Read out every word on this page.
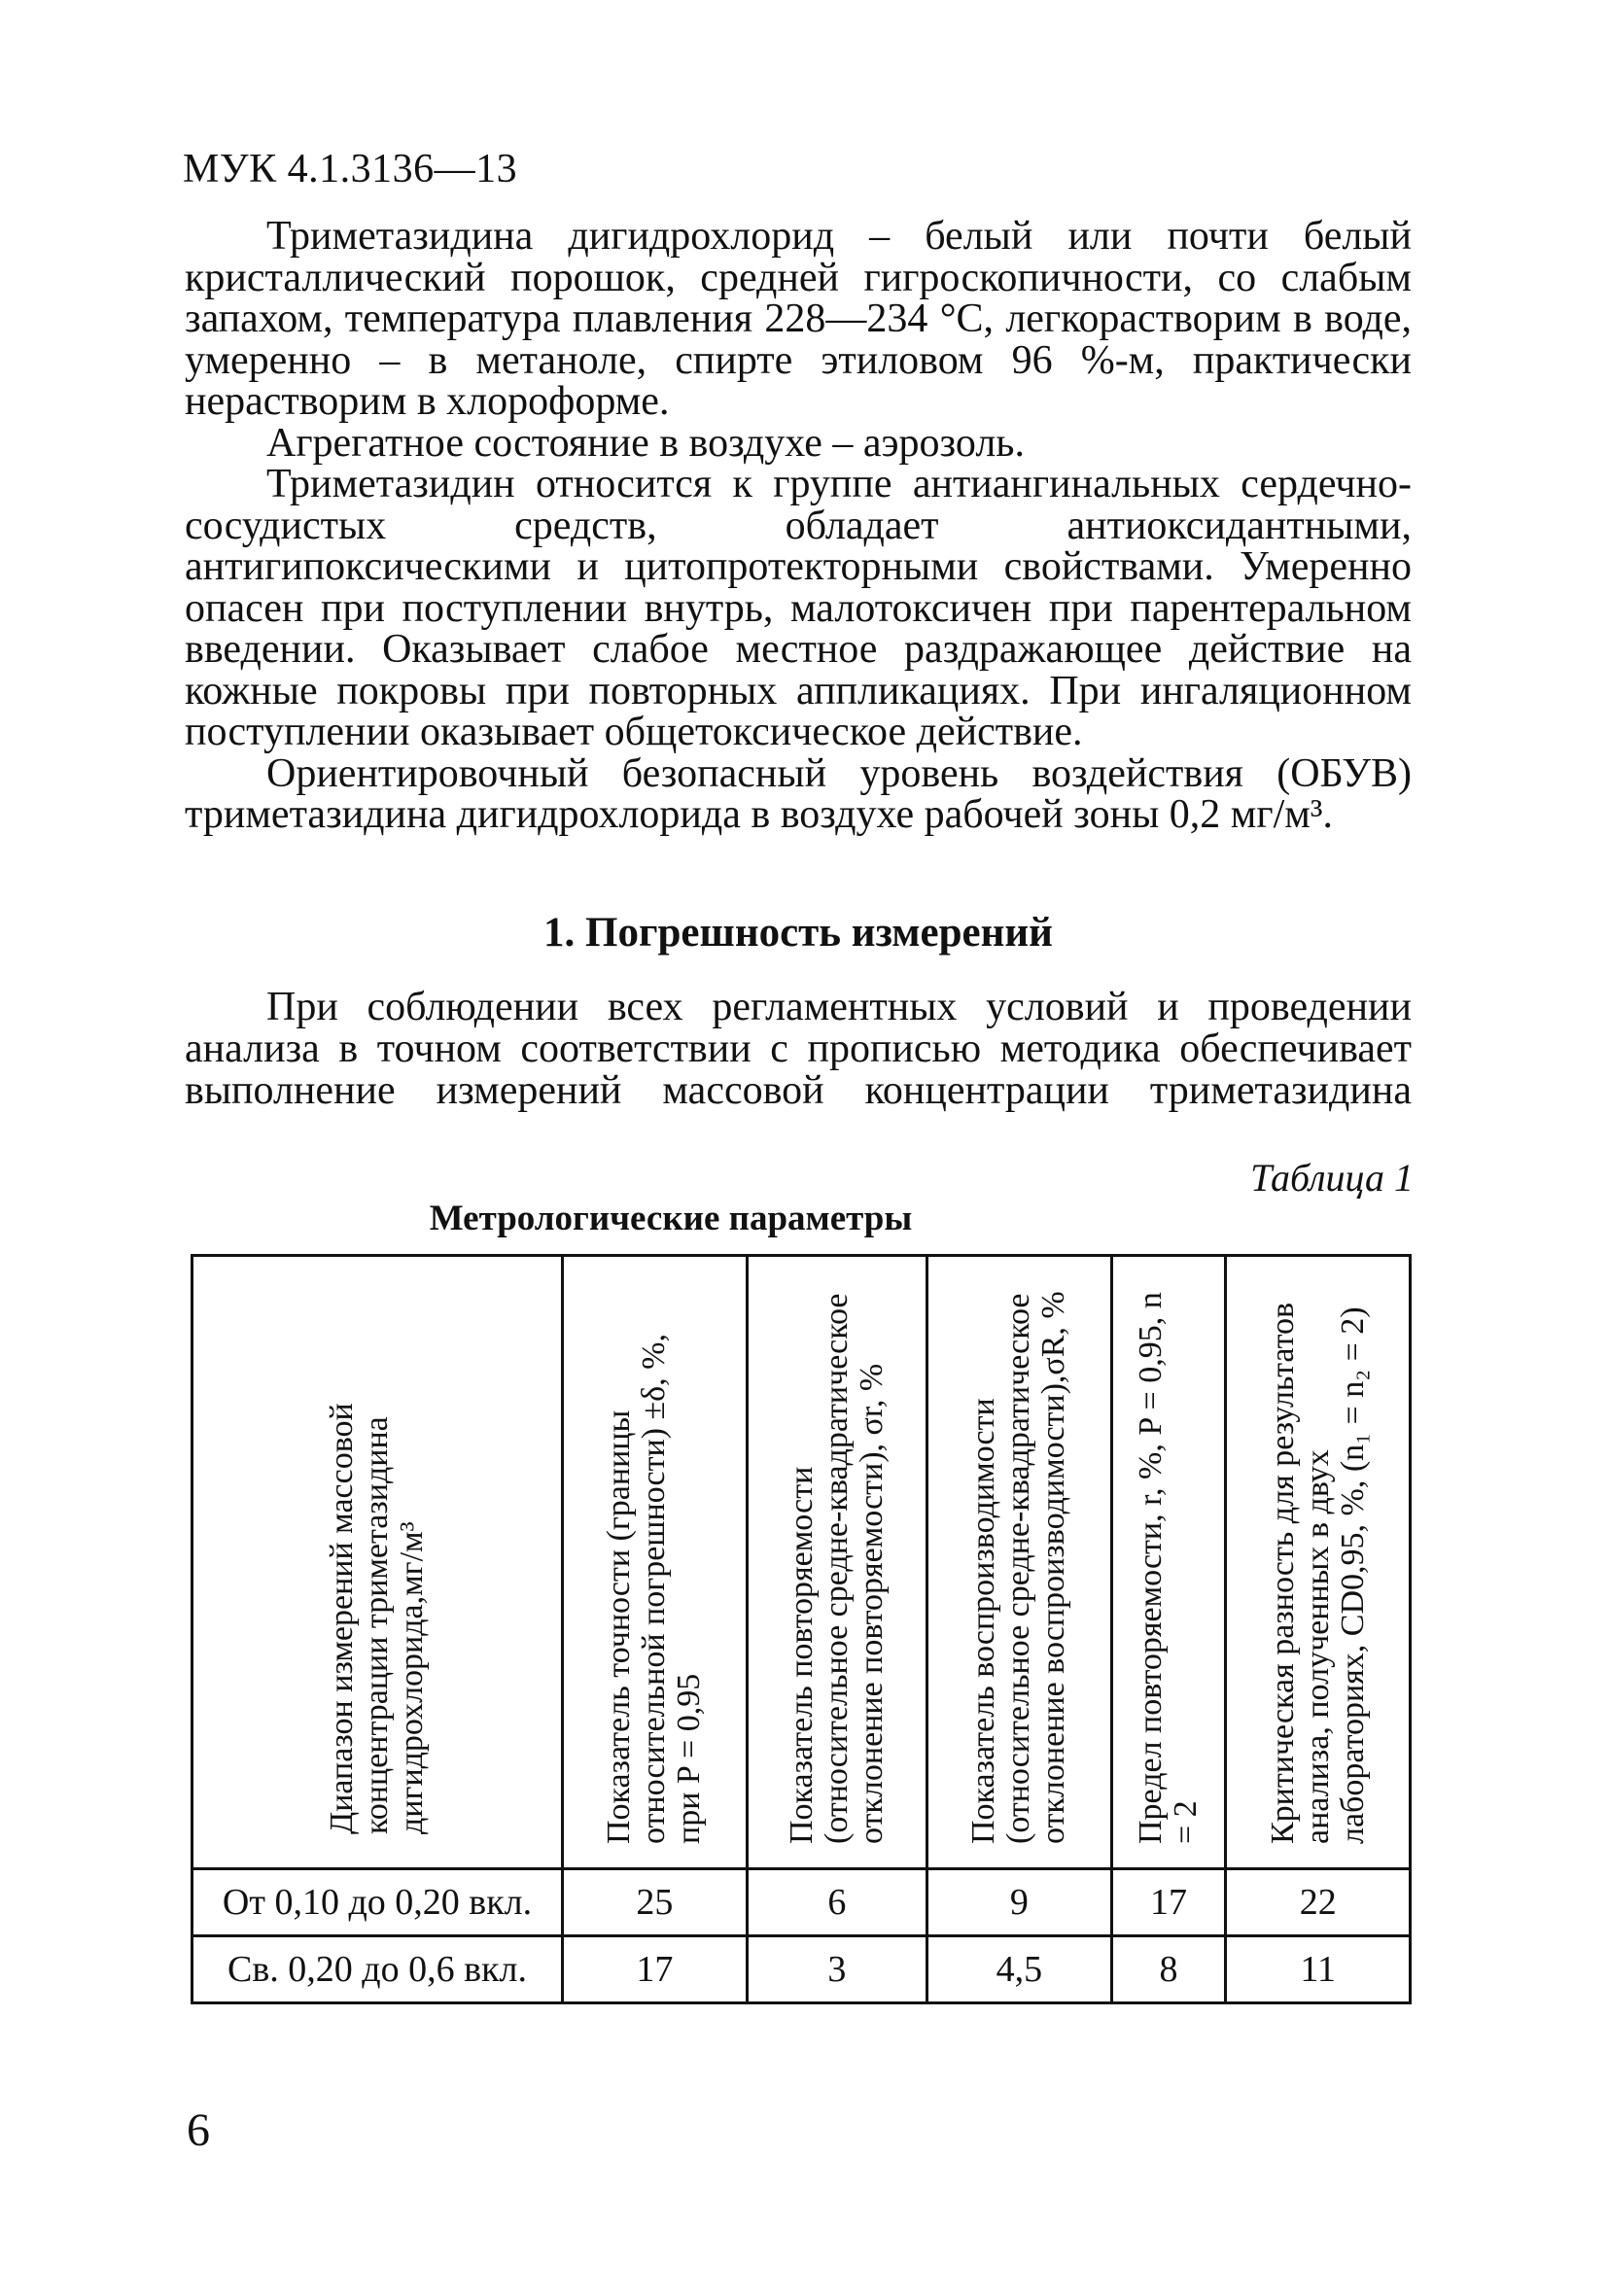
МУК 4.1.3136—13

Триметазидина дигидрохлорид – белый или почти белый кристаллический порошок, средней гигроскопичности, со слабым запахом, температура плавления 228—234 °С, легкорастворим в воде, умеренно – в метаноле, спирте этиловом 96 %-м, практически нерастворим в хлороформе.

Агрегатное состояние в воздухе – аэрозоль.

Триметазидин относится к группе антиангинальных сердечно-сосудистых средств, обладает антиоксидантными, антигипоксическими и цитопротекторными свойствами. Умеренно опасен при поступлении внутрь, малотоксичен при парентеральном введении. Оказывает слабое местное раздражающее действие на кожные покровы при повторных аппликациях. При ингаляционном поступлении оказывает общетоксическое действие.

Ориентировочный безопасный уровень воздействия (ОБУВ) триметазидина дигидрохлорида в воздухе рабочей зоны 0,2 мг/м³.

1. Погрешность измерений

При соблюдении всех регламентных условий и проведении анализа в точном соответствии с прописью методика обеспечивает выполнение измерений массовой концентрации триметазидина

Таблица 1
Метрологические параметры
Диапазон измерений массовой концентрации триметазидина дигидрохлорида,мг/м³	Показатель точности (границы относительной погрешности) ±δ, %, при P = 0,95	Показатель повторяемости (относительное средне-квадратическое отклонение повторяемости), σr, %	Показатель воспроизводимости (относительное средне-квадратическое отклонение воспроизводимости),σR, %	Предел повторяемости, r, %, P = 0,95, n = 2	Критическая разность для результатов анализа, полученных в двух лабораториях, CD0,95, %, (n₁ = n₂ = 2)

От 0,10 до 0,20 вкл.	25	6	9	17	22
Св. 0,20 до 0,6 вкл.	17	3	4,5	8	11
6
